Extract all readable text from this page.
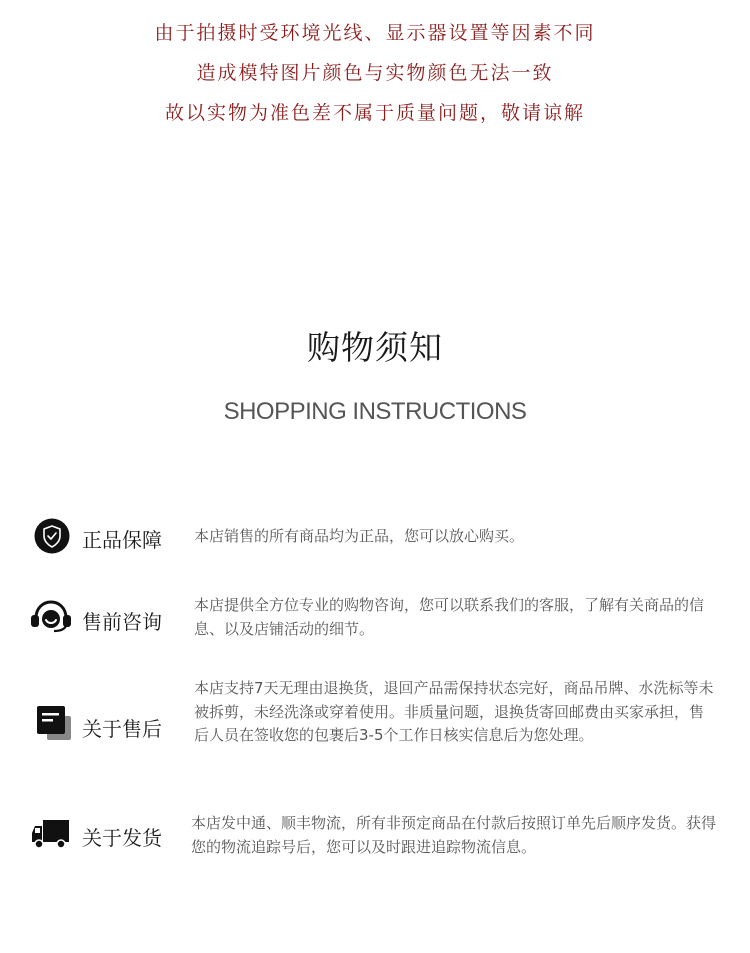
由于拍摄时受环境光线、显示器设置等因素不同
造成模特图片颜色与实物颜色无法一致
故以实物为准色差不属于质量问题，敬请谅解
购物须知
SHOPPING INSTRUCTIONS
正品保障 本店销售的所有商品均为正品，您可以放心购买。
售前咨询
本店提供全方位专业的购物咨询，您可以联系我们的客服，了解有关商品的信息、以及店铺活动的细节。
关于售后
本店支持7天无理由退换货，退回产品需保持状态完好，商品吊牌、水洗标等未被拆剪，未经洗涤或穿着使用。非质量问题，退换货寄回邮费由买家承担，售后人员在签收您的包裹后3-5个工作日核实信息后为您处理。
关于发货
本店发中通、顺丰物流，所有非预定商品在付款后按照订单先后顺序发货。获得您的物流追踪号后，您可以及时跟进追踪物流信息。
